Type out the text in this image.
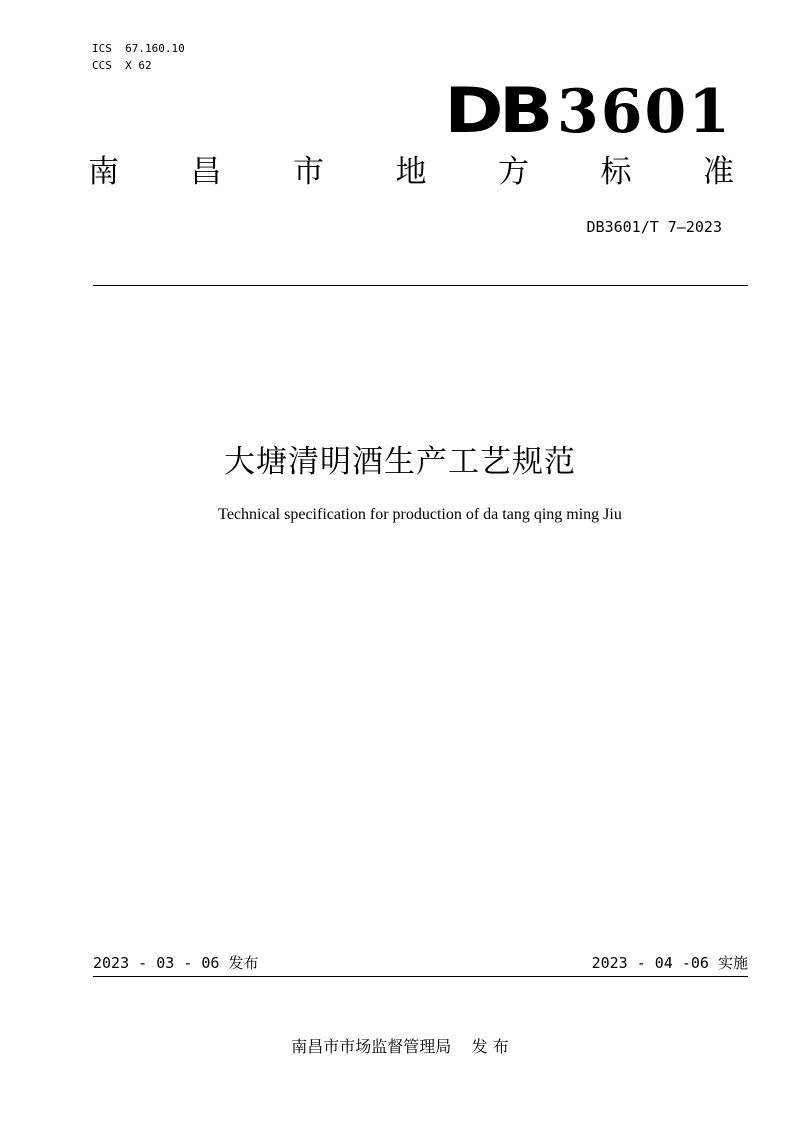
ICS  67.160.10
CCS  X 62
DB 3601
南 昌 市 地 方 标 准
DB3601/T 7—2023
大塘清明酒生产工艺规范
Technical specification for production of da tang qing ming Jiu
2023 - 03 - 06 发布	2023 - 04 -06 实施
南昌市市场监督管理局 发 布
